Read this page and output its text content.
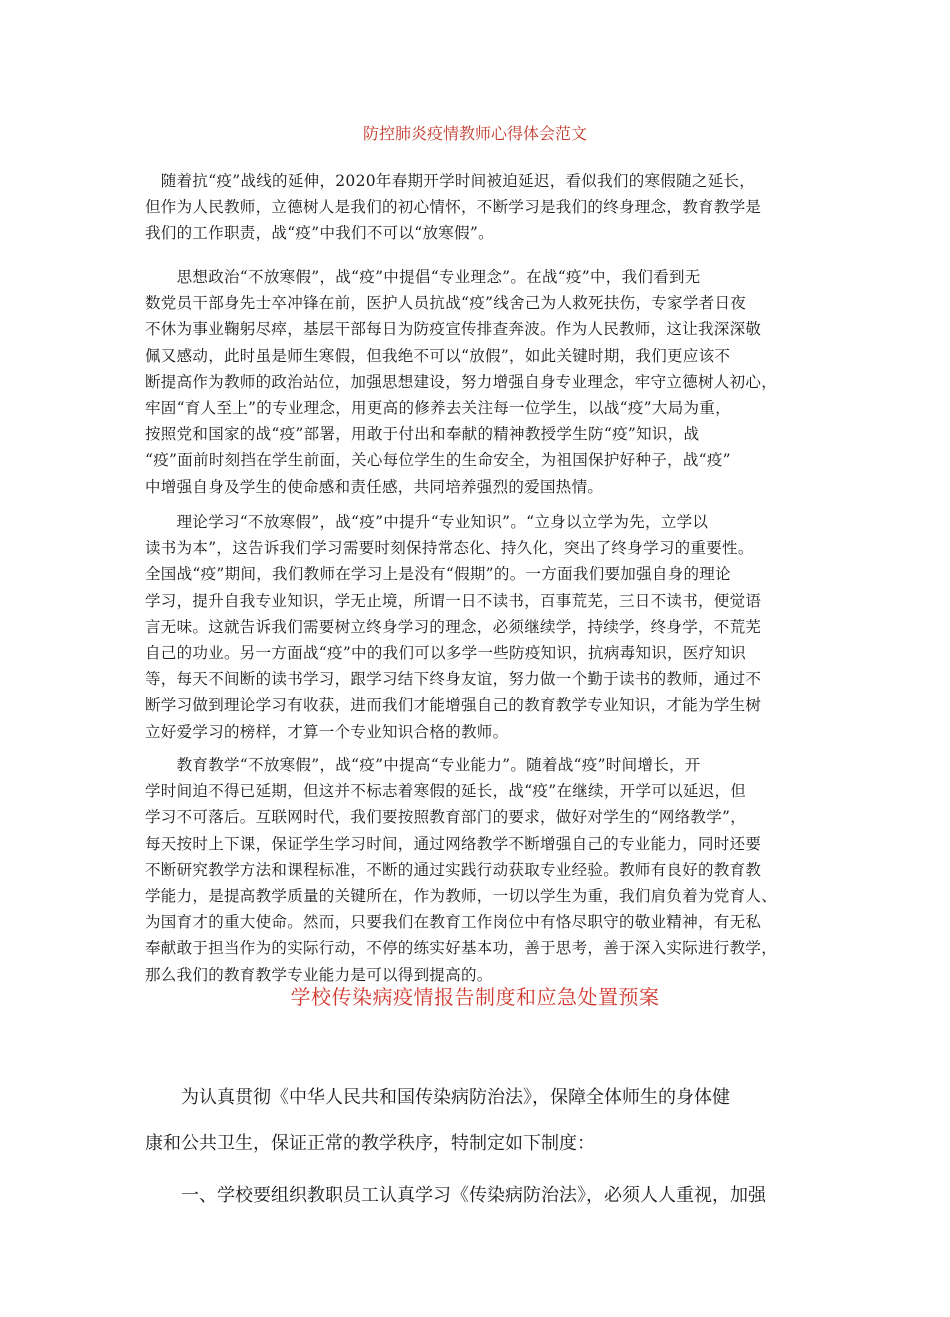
防控肺炎疫情教师心得体会范文

　随着抗“疫”战线的延伸，2020年春期开学时间被迫延迟，看似我们的寒假随之延长，
但作为人民教师，立德树人是我们的初心情怀，不断学习是我们的终身理念，教育教学是
我们的工作职责，战“疫”中我们不可以“放寒假”。

　　思想政治“不放寒假”，战“疫”中提倡“专业理念”。在战“疫”中，我们看到无
数党员干部身先士卒冲锋在前，医护人员抗战“疫”线舍己为人救死扶伤，专家学者日夜
不休为事业鞠躬尽瘁，基层干部每日为防疫宣传排查奔波。作为人民教师，这让我深深敬
佩又感动，此时虽是师生寒假，但我绝不可以“放假”，如此关键时期，我们更应该不
断提高作为教师的政治站位，加强思想建设，努力增强自身专业理念，牢守立德树人初心，
牢固“育人至上”的专业理念，用更高的修养去关注每一位学生，以战“疫”大局为重，
按照党和国家的战“疫”部署，用敢于付出和奉献的精神教授学生防“疫”知识，战
“疫”面前时刻挡在学生前面，关心每位学生的生命安全，为祖国保护好种子，战“疫”
中增强自身及学生的使命感和责任感，共同培养强烈的爱国热情。

　　理论学习“不放寒假”，战“疫”中提升“专业知识”。“立身以立学为先，立学以
读书为本”，这告诉我们学习需要时刻保持常态化、持久化，突出了终身学习的重要性。
全国战“疫”期间，我们教师在学习上是没有“假期”的。一方面我们要加强自身的理论
学习，提升自我专业知识，学无止境，所谓一日不读书，百事荒芜，三日不读书，便觉语
言无味。这就告诉我们需要树立终身学习的理念，必须继续学，持续学，终身学，不荒芜
自己的功业。另一方面战“疫”中的我们可以多学一些防疫知识，抗病毒知识，医疗知识
等，每天不间断的读书学习，跟学习结下终身友谊，努力做一个勤于读书的教师，通过不
断学习做到理论学习有收获，进而我们才能增强自己的教育教学专业知识，才能为学生树
立好爱学习的榜样，才算一个专业知识合格的教师。

　　教育教学“不放寒假”，战“疫”中提高“专业能力”。随着战“疫”时间增长，开
学时间迫不得已延期，但这并不标志着寒假的延长，战“疫”在继续，开学可以延迟，但
学习不可落后。互联网时代，我们要按照教育部门的要求，做好对学生的“网络教学”，
每天按时上下课，保证学生学习时间，通过网络教学不断增强自己的专业能力，同时还要
不断研究教学方法和课程标准，不断的通过实践行动获取专业经验。教师有良好的教育教
学能力，是提高教学质量的关键所在，作为教师，一切以学生为重，我们肩负着为党育人、
为国育才的重大使命。然而，只要我们在教育工作岗位中有恪尽职守的敬业精神，有无私
奉献敢于担当作为的实际行动，不停的练实好基本功，善于思考，善于深入实际进行教学，
那么我们的教育教学专业能力是可以得到提高的。

学校传染病疫情报告制度和应急处置预案

　　为认真贯彻《中华人民共和国传染病防治法》，保障全体师生的身体健

康和公共卫生，保证正常的教学秩序，特制定如下制度：

　　一、学校要组织教职员工认真学习《传染病防治法》，必须人人重视，加强
